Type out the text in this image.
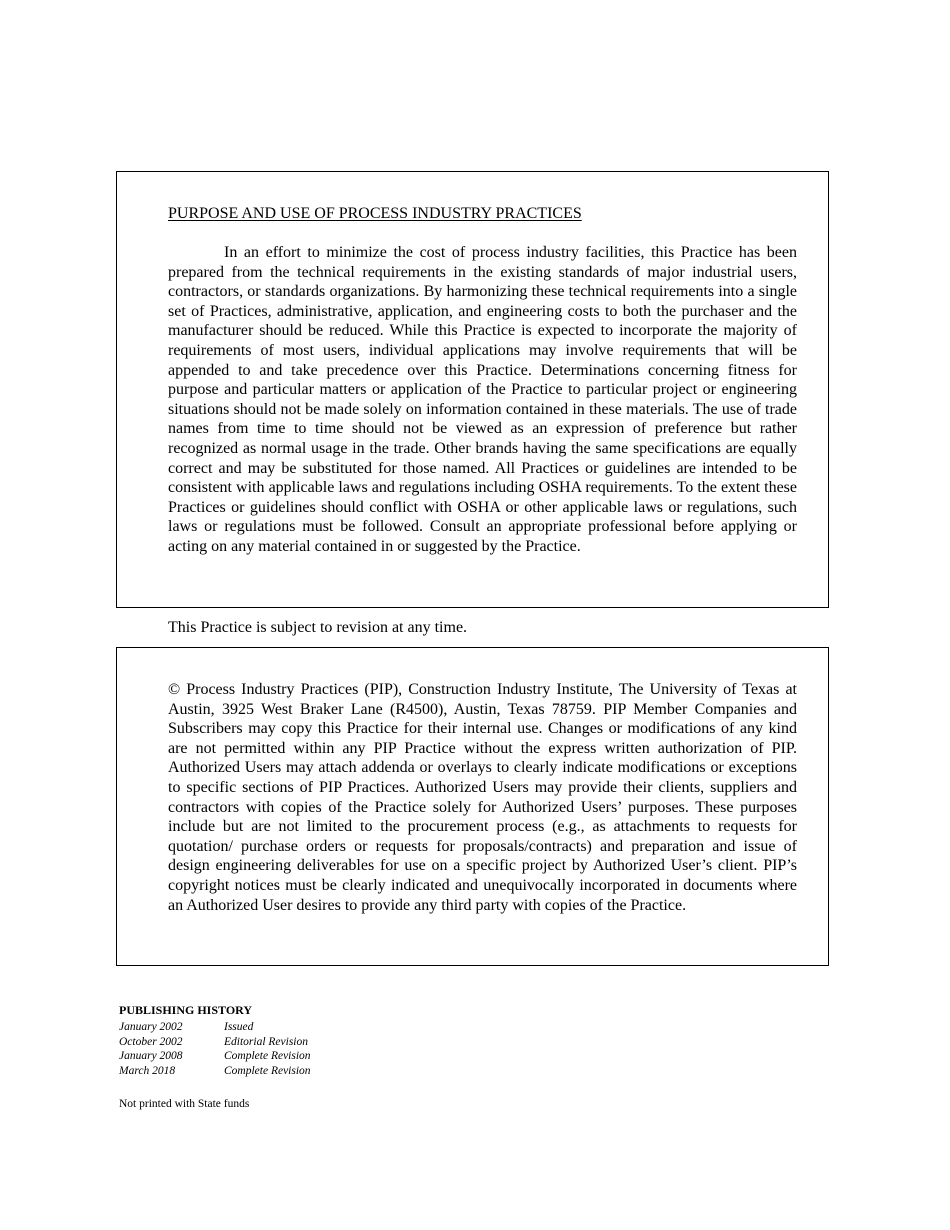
PURPOSE AND USE OF PROCESS INDUSTRY PRACTICES

In an effort to minimize the cost of process industry facilities, this Practice has been prepared from the technical requirements in the existing standards of major industrial users, contractors, or standards organizations. By harmonizing these technical requirements into a single set of Practices, administrative, application, and engineering costs to both the purchaser and the manufacturer should be reduced. While this Practice is expected to incorporate the majority of requirements of most users, individual applications may involve requirements that will be appended to and take precedence over this Practice. Determinations concerning fitness for purpose and particular matters or application of the Practice to particular project or engineering situations should not be made solely on information contained in these materials. The use of trade names from time to time should not be viewed as an expression of preference but rather recognized as normal usage in the trade. Other brands having the same specifications are equally correct and may be substituted for those named. All Practices or guidelines are intended to be consistent with applicable laws and regulations including OSHA requirements. To the extent these Practices or guidelines should conflict with OSHA or other applicable laws or regulations, such laws or regulations must be followed. Consult an appropriate professional before applying or acting on any material contained in or suggested by the Practice.

This Practice is subject to revision at any time.

© Process Industry Practices (PIP), Construction Industry Institute, The University of Texas at Austin, 3925 West Braker Lane (R4500), Austin, Texas 78759. PIP Member Companies and Subscribers may copy this Practice for their internal use. Changes or modifications of any kind are not permitted within any PIP Practice without the express written authorization of PIP. Authorized Users may attach addenda or overlays to clearly indicate modifications or exceptions to specific sections of PIP Practices. Authorized Users may provide their clients, suppliers and contractors with copies of the Practice solely for Authorized Users’ purposes. These purposes include but are not limited to the procurement process (e.g., as attachments to requests for quotation/ purchase orders or requests for proposals/contracts) and preparation and issue of design engineering deliverables for use on a specific project by Authorized User’s client. PIP’s copyright notices must be clearly indicated and unequivocally incorporated in documents where an Authorized User desires to provide any third party with copies of the Practice.

PUBLISHING HISTORY
January 2002	Issued
October 2002	Editorial Revision
January 2008	Complete Revision
March 2018	Complete Revision
Not printed with State funds
